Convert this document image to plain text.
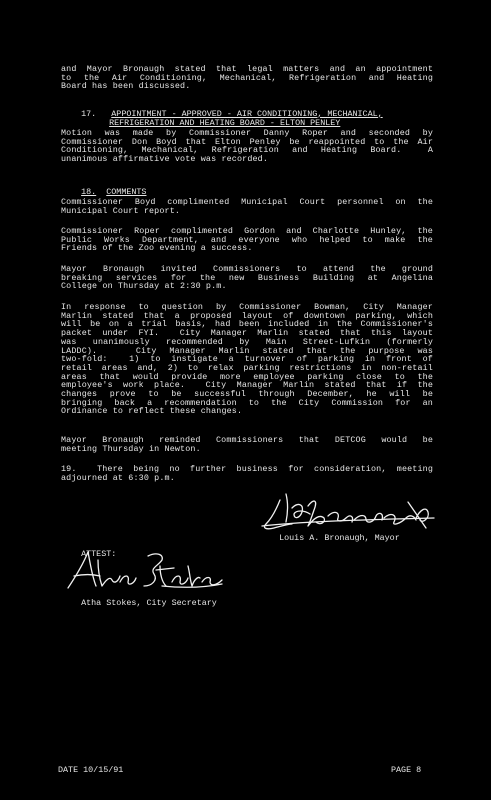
and Mayor Bronaugh stated that legal matters and an appointment
to the Air Conditioning, Mechanical, Refrigeration and Heating
Board has been discussed.

17. APPOINTMENT - APPROVED - AIR CONDITIONING, MECHANICAL,

REFRIGERATION AND HEATING BOARD - ELTON PENLEY

Motion was made by Commissioner Danny Roper and seconded by
Commissioner Don Boyd that Elton Penley be reappointed to the Air
Conditioning, Mechanical, Refrigeration and Heating Board.  A
unanimous affirmative vote was recorded.

18. COMMENTS

Commissioner Boyd complimented Municipal Court personnel on the
Municipal Court report.
Commissioner Roper complimented Gordon and Charlotte Hunley, the
Public Works Department, and everyone who helped to make the
Friends of the Zoo evening a success.
Mayor Bronaugh invited Commissioners to attend the ground
breaking services for the new Business Building at Angelina
College on Thursday at 2:30 p.m.
In response to question by Commissioner Bowman, City Manager
Marlin stated that a proposed layout of downtown parking, which
will be on a trial basis, had been included in the Commissioner's
packet under FYI.  City Manager Marlin stated that this layout
was unanimously recommended by Main Street-Lufkin (formerly
LADDC).   City Manager Marlin stated that the purpose was
two-fold:  1) to instigate a turnover of parking in front of
retail areas and, 2) to relax parking restrictions in non-retail
areas that would provide more employee parking close to the
employee's work place.  City Manager Marlin stated that if the
changes prove to be successful through December, he will be
bringing back a recommendation to the City Commission for an
Ordinance to reflect these changes.
Mayor Bronaugh reminded Commissioners that DETCOG would be
meeting Thursday in Newton.
19.  There being no further business for consideration, meeting
adjourned at 6:30 p.m.

Louis A. Bronaugh, Mayor

ATTEST:

Atha Stokes, City Secretary

DATE 10/15/91	PAGE 8
